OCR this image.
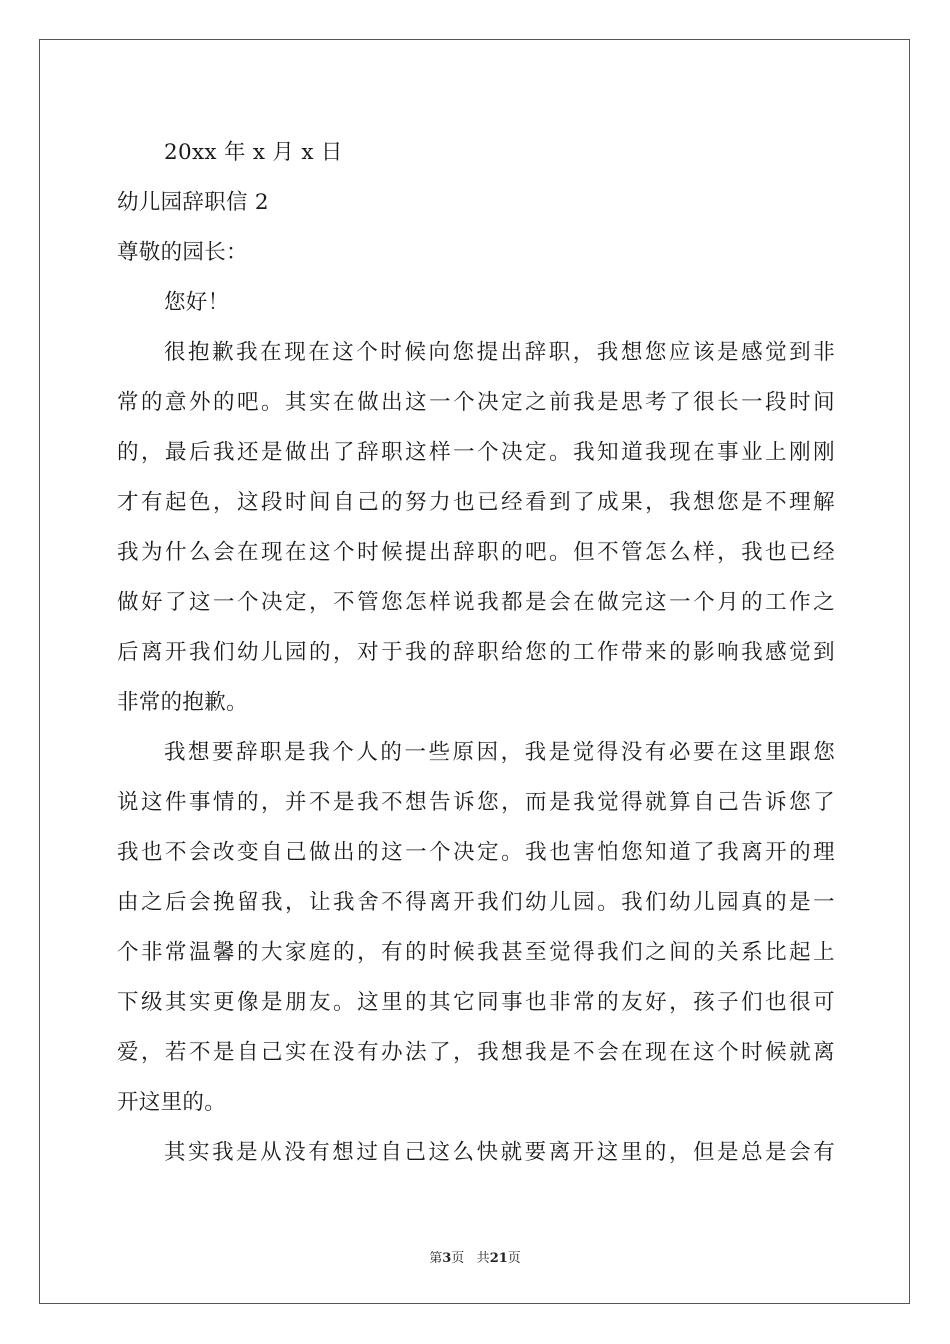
20xx 年 x 月 x 日
幼儿园辞职信 2
尊敬的园长：
您好！
很抱歉我在现在这个时候向您提出辞职，我想您应该是感觉到非
常的意外的吧。其实在做出这一个决定之前我是思考了很长一段时间
的，最后我还是做出了辞职这样一个决定。我知道我现在事业上刚刚
才有起色，这段时间自己的努力也已经看到了成果，我想您是不理解
我为什么会在现在这个时候提出辞职的吧。但不管怎么样，我也已经
做好了这一个决定，不管您怎样说我都是会在做完这一个月的工作之
后离开我们幼儿园的，对于我的辞职给您的工作带来的影响我感觉到
非常的抱歉。
我想要辞职是我个人的一些原因，我是觉得没有必要在这里跟您
说这件事情的，并不是我不想告诉您，而是我觉得就算自己告诉您了
我也不会改变自己做出的这一个决定。我也害怕您知道了我离开的理
由之后会挽留我，让我舍不得离开我们幼儿园。我们幼儿园真的是一
个非常温馨的大家庭的，有的时候我甚至觉得我们之间的关系比起上
下级其实更像是朋友。这里的其它同事也非常的友好，孩子们也很可
爱，若不是自己实在没有办法了，我想我是不会在现在这个时候就离
开这里的。
其实我是从没有想过自己这么快就要离开这里的，但是总是会有
第3页 共21页
